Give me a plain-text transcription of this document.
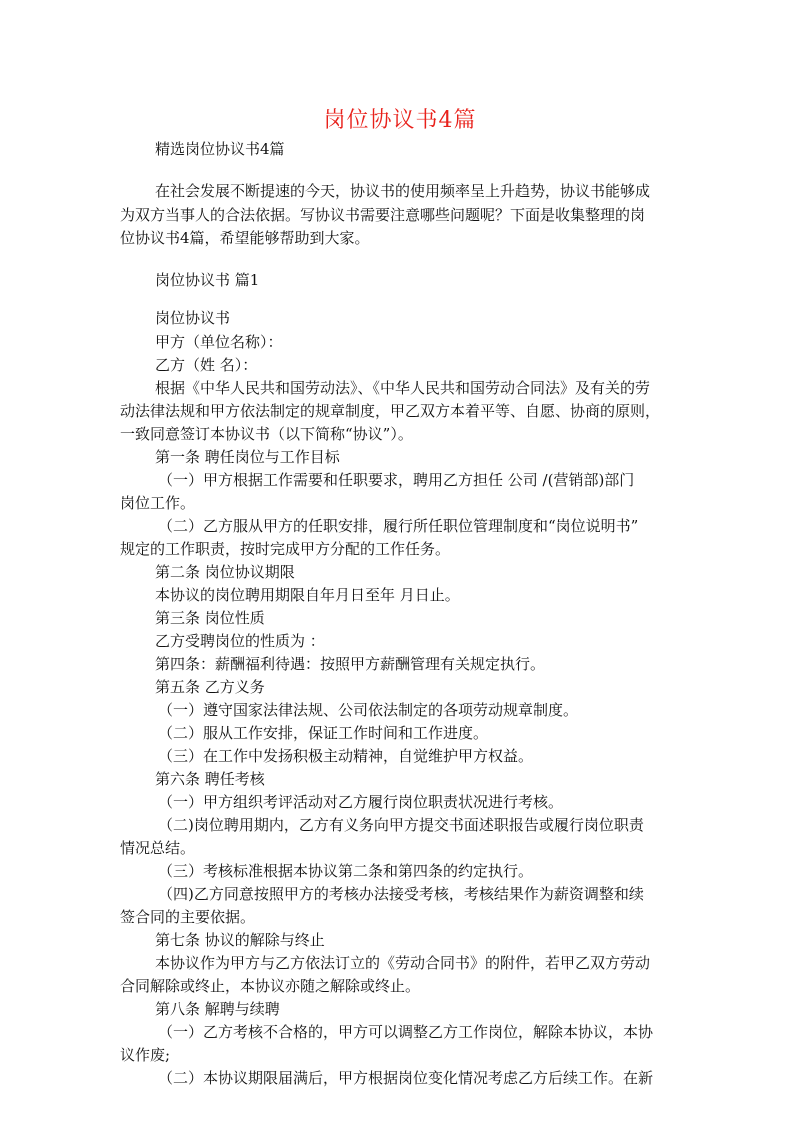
岗位协议书4篇
精选岗位协议书4篇
在社会发展不断提速的今天，协议书的使用频率呈上升趋势，协议书能够成
为双方当事人的合法依据。写协议书需要注意哪些问题呢？下面是收集整理的岗
位协议书4篇，希望能够帮助到大家。
岗位协议书 篇1
岗位协议书
甲方（单位名称）：
乙方（姓 名）：
根据《中华人民共和国劳动法》、《中华人民共和国劳动合同法》及有关的劳
动法律法规和甲方依法制定的规章制度，甲乙双方本着平等、自愿、协商的原则，
一致同意签订本协议书（以下简称“协议”）。
第一条 聘任岗位与工作目标
（一）甲方根据工作需要和任职要求，聘用乙方担任 公司 /(营销部)部门
岗位工作。
（二）乙方服从甲方的任职安排，履行所任职位管理制度和“岗位说明书”
规定的工作职责，按时完成甲方分配的工作任务。
第二条 岗位协议期限
本协议的岗位聘用期限自年月日至年 月日止。
第三条 岗位性质
乙方受聘岗位的性质为 ：
第四条：薪酬福利待遇：按照甲方薪酬管理有关规定执行。
第五条 乙方义务
（一）遵守国家法律法规、公司依法制定的各项劳动规章制度。
（二）服从工作安排，保证工作时间和工作进度。
（三）在工作中发扬积极主动精神，自觉维护甲方权益。
第六条 聘任考核
（一）甲方组织考评活动对乙方履行岗位职责状况进行考核。
（二)岗位聘用期内，乙方有义务向甲方提交书面述职报告或履行岗位职责
情况总结。
（三）考核标准根据本协议第二条和第四条的约定执行。
（四)乙方同意按照甲方的考核办法接受考核，考核结果作为薪资调整和续
签合同的主要依据。
第七条 协议的解除与终止
本协议作为甲方与乙方依法订立的《劳动合同书》的附件，若甲乙双方劳动
合同解除或终止，本协议亦随之解除或终止。
第八条 解聘与续聘
（一）乙方考核不合格的，甲方可以调整乙方工作岗位，解除本协议，本协
议作废;
（二）本协议期限届满后，甲方根据岗位变化情况考虑乙方后续工作。在新
